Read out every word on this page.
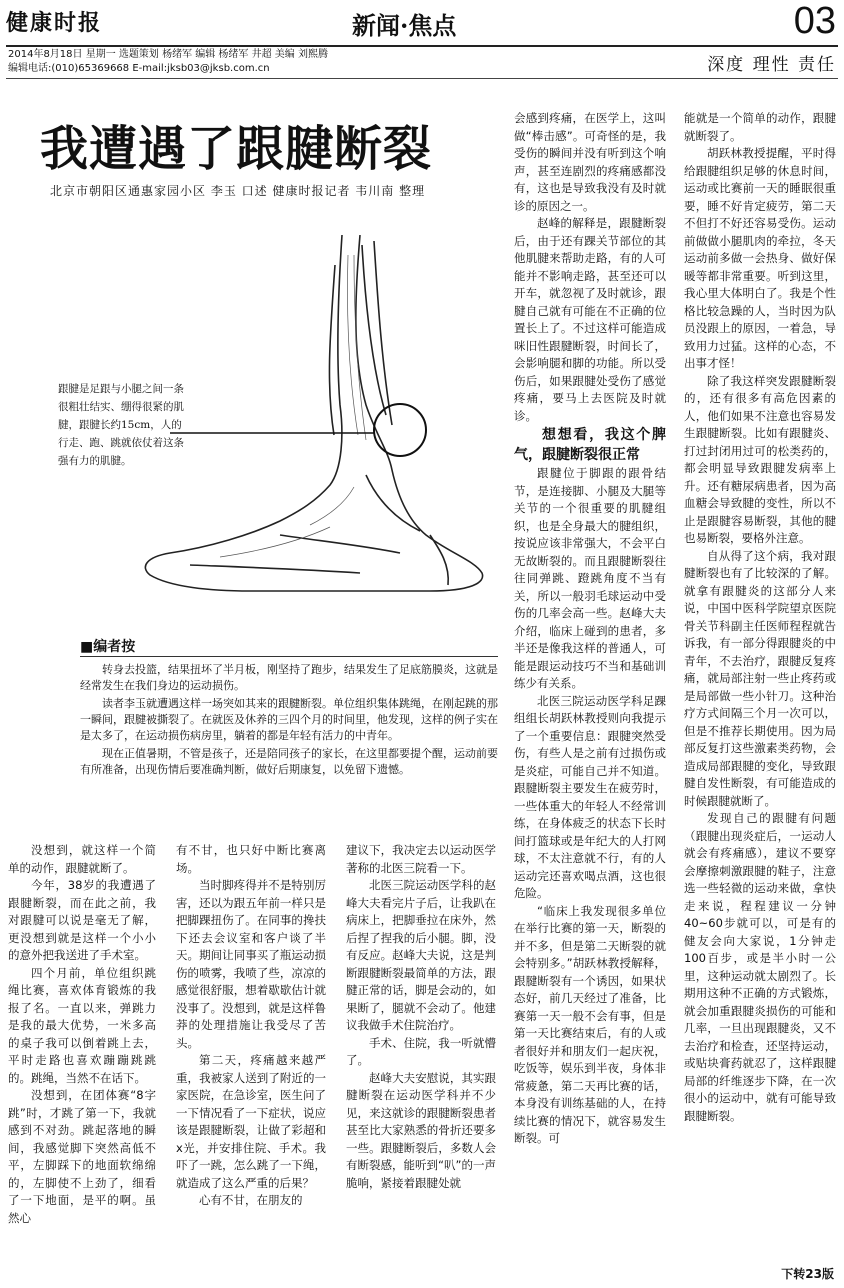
健康时报	新闻·焦点	03
2014年8月18日 星期一 选题策划 杨绪军 编辑 杨绪军 井超 美编 刘熙腾
编辑电话:(010)65369668 E-mail:jksb03@jksb.com.cn	深度 理性 责任
我遭遇了跟腱断裂
北京市朝阳区通惠家园小区 李玉 口述 健康时报记者 韦川南 整理
跟腱是足跟与小腿之间一条很粗壮结实、绷得很紧的肌腱，跟腱长约15cm，人的行走、跑、跳就依仗着这条强有力的肌腱。
■编者按

转身去投篮，结果扭坏了半月板，刚坚持了跑步，结果发生了足底筋膜炎，这就是经常发生在我们身边的运动损伤。

读者李玉就遭遇这样一场突如其来的跟腱断裂。单位组织集体跳绳，在刚起跳的那一瞬间，跟腱被撕裂了。在就医及休养的三四个月的时间里，他发现，这样的例子实在是太多了，在运动损伤病房里，躺着的都是年轻有活力的中青年。

现在正值暑期，不管是孩子，还是陪同孩子的家长，在这里都要提个醒，运动前要有所准备，出现伤情后要准确判断，做好后期康复，以免留下遗憾。

没想到，就这样一个简单的动作，跟腱就断了。

今年，38岁的我遭遇了跟腱断裂，而在此之前，我对跟腱可以说是毫无了解，更没想到就是这样一个小小的意外把我送进了手术室。

四个月前，单位组织跳绳比赛，喜欢体育锻炼的我报了名。一直以来，弹跳力是我的最大优势，一米多高的桌子我可以倒着跳上去，平时走路也喜欢蹦蹦跳跳的。跳绳，当然不在话下。

没想到，在团体赛“8字跳”时，才跳了第一下，我就感到不对劲。跳起落地的瞬间，我感觉脚下突然高低不平，左脚踩下的地面软绵绵的，左脚使不上劲了，细看了一下地面，是平的啊。虽然心

有不甘，也只好中断比赛离场。

当时脚疼得并不是特别厉害，还以为跟五年前一样只是把脚踝扭伤了。在同事的搀扶下还去会议室和客户谈了半天。期间让同事买了瓶运动损伤的喷雾，我喷了些，凉凉的感觉很舒服，想着歇歇估计就没事了。没想到，就是这样鲁莽的处理措施让我受尽了苦头。

第二天，疼痛越来越严重，我被家人送到了附近的一家医院，在急诊室，医生问了一下情况看了一下症状，说应该是跟腱断裂，让做了彩超和x光，并安排住院、手术。我吓了一跳，怎么跳了一下绳，就造成了这么严重的后果？

心有不甘，在朋友的

建议下，我决定去以运动医学著称的北医三院看一下。

北医三院运动医学科的赵峰大夫看完片子后，让我趴在病床上，把脚垂拉在床外，然后捏了捏我的后小腿。脚，没有反应。赵峰大夫说，这是判断跟腱断裂最简单的方法，跟腱正常的话，脚是会动的，如果断了，腿就不会动了。他建议我做手术住院治疗。

手术、住院，我一听就懵了。

赵峰大夫安慰说，其实跟腱断裂在运动医学科并不少见，来这就诊的跟腱断裂患者甚至比大家熟悉的骨折还要多一些。跟腱断裂后，多数人会有断裂感，能听到“叭”的一声脆响，紧接着跟腱处就

会感到疼痛，在医学上，这叫做“棒击感”。可奇怪的是，我受伤的瞬间并没有听到这个响声，甚至连剧烈的疼痛感都没有，这也是导致我没有及时就诊的原因之一。

赵峰的解释是，跟腱断裂后，由于还有踝关节部位的其他肌腱来帮助走路，有的人可能并不影响走路，甚至还可以开车，就忽视了及时就诊，跟腱自己就有可能在不正确的位置长上了。不过这样可能造成咪旧性跟腱断裂，时间长了，会影响腿和脚的功能。所以受伤后，如果跟腱处受伤了感觉疼痛，要马上去医院及时就诊。

想想看，我这个脾气，跟腱断裂很正常

跟腱位于脚跟的跟骨结节，是连接脚、小腿及大腿等关节的一个很重要的肌腱组织，也是全身最大的腱组织，按说应该非常强大，不会平白无故断裂的。而且跟腱断裂往往同弹跳、蹬跳角度不当有关，所以一般羽毛球运动中受伤的几率会高一些。赵峰大夫介绍，临床上碰到的患者，多半还是像我这样的普通人，可能是跟运动技巧不当和基础训练少有关系。

北医三院运动医学科足踝组组长胡跃林教授则向我提示了一个重要信息：跟腱突然受伤，有些人是之前有过损伤或是炎症，可能自己并不知道。跟腱断裂主要发生在疲劳时，一些体重大的年轻人不经常训练，在身体疲乏的状态下长时间打篮球或是年纪大的人打网球，不太注意就不行，有的人运动完还喜欢喝点酒，这也很危险。

“临床上我发现很多单位在举行比赛的第一天，断裂的并不多，但是第二天断裂的就会特别多。”胡跃林教授解释，跟腱断裂有一个诱因，如果状态好，前几天经过了准备，比赛第一天一般不会有事，但是第一天比赛结束后，有的人或者很好并和朋友们一起庆祝，吃饭等，娱乐到半夜，身体非常疲惫，第二天再比赛的话，本身没有训练基础的人，在持续比赛的情况下，就容易发生断裂。可

能就是一个简单的动作，跟腱就断裂了。

胡跃林教授提醒，平时得给跟腱组织足够的休息时间，运动或比赛前一天的睡眠很重要，睡不好肯定疲劳，第二天不但打不好还容易受伤。运动前做做小腿肌肉的牵拉，冬天运动前多做一会热身、做好保暖等都非常重要。听到这里，我心里大体明白了。我是个性格比较急躁的人，当时因为队员没跟上的原因，一着急，导致用力过猛。这样的心态，不出事才怪！

除了我这样突发跟腱断裂的，还有很多有高危因素的人，他们如果不注意也容易发生跟腱断裂。比如有跟腱炎、打过封闭用过可的松类药的，都会明显导致跟腱发病率上升。还有糖尿病患者，因为高血糖会导致腱的变性，所以不止是跟腱容易断裂，其他的腱也易断裂，要格外注意。

自从得了这个病，我对跟腱断裂也有了比较深的了解。就拿有跟腱炎的这部分人来说，中国中医科学院望京医院骨关节科副主任医师程程就告诉我，有一部分得跟腱炎的中青年，不去治疗，跟腱反复疼痛，就局部注射一些止疼药或是局部做一些小针刀。这种治疗方式间隔三个月一次可以，但是不推荐长期使用。因为局部反复打这些激素类药物，会造成局部跟腱的变化，导致跟腱自发性断裂，有可能造成的时候跟腱就断了。

发现自己的跟腱有问题（跟腱出现炎症后，一运动人就会有疼痛感），建议不要穿会摩擦刺激跟腱的鞋子，注意选一些轻微的运动来做，拿快走来说，程程建议一分钟40~60步就可以，可是有的健友会向大家说，1分钟走100百步，或是半小时一公里，这种运动就太剧烈了。长期用这种不正确的方式锻炼，就会加重跟腱炎损伤的可能和几率，一旦出现跟腱炎，又不去治疗和检查，还坚持运动，或贴块膏药就忍了，这样跟腱局部的纤维逐步下降，在一次很小的运动中，就有可能导致跟腱断裂。

下转23版
